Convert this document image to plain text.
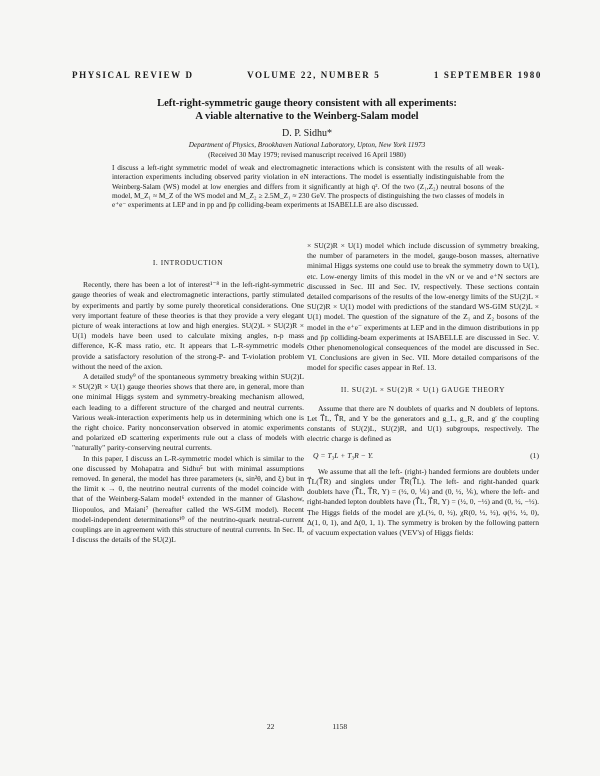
PHYSICAL REVIEW D	VOLUME 22, NUMBER 5	1 SEPTEMBER 1980
Left-right-symmetric gauge theory consistent with all experiments:
A viable alternative to the Weinberg-Salam model
D. P. Sidhu*
Department of Physics, Brookhaven National Laboratory, Upton, New York 11973
(Received 30 May 1979; revised manuscript received 16 April 1980)
I discuss a left-right symmetric model of weak and electromagnetic interactions which is consistent with the results of all weak-interaction experiments including observed parity violation in eN interactions. The model is essentially indistinguishable from the Weinberg-Salam (WS) model at low energies and differs from it significantly at high q². Of the two (Z₁,Z₂) neutral bosons of the model, M_Z₁ ≈ M_Z of the WS model and M_Z₂ ≥ 2.5M_Z₁ ≈ 230 GeV. The prospects of distinguishing the two classes of models in e⁺e⁻ experiments at LEP and in pp and p̄p colliding-beam experiments at ISABELLE are also discussed.
I. INTRODUCTION

Recently, there has been a lot of interest¹⁻⁸ in the left-right-symmetric gauge theories of weak and electromagnetic interactions, partly stimulated by experiments and partly by some purely theoretical considerations. One very important feature of these theories is that they provide a very elegant picture of weak interactions at low and high energies. SU(2)L × SU(2)R × U(1) models have been used to calculate mixing angles, n-p mass difference, K-K̄ mass ratio, etc. It appears that L-R-symmetric models provide a satisfactory resolution of the strong-P- and T-violation problem without the need of the axion.

A detailed study⁹ of the spontaneous symmetry breaking within SU(2)L × SU(2)R × U(1) gauge theories shows that there are, in general, more than one minimal Higgs system and symmetry-breaking mechanism allowed, each leading to a different structure of the charged and neutral currents. Various weak-interaction experiments help us in determining which one is the right choice. Parity nonconservation observed in atomic experiments and polarized eD scattering experiments rule out a class of models with "naturally" parity-conserving neutral currents.

In this paper, I discuss an L-R-symmetric model which is similar to the one discussed by Mohapatra and Sidhu⁵ but with minimal assumptions removed. In general, the model has three parameters (κ, sin²θ, and ξ) but in the limit κ → 0, the neutrino neutral currents of the model coincide with that of the Weinberg-Salam model⁶ extended in the manner of Glashow, Iliopoulos, and Maiani⁷ (hereafter called the WS-GIM model). Recent model-independent determinations¹⁰ of the neutrino-quark neutral-current couplings are in agreement with this structure of neutral currents. In Sec. II, I discuss the details of the SU(2)L

× SU(2)R × U(1) model which include discussion of symmetry breaking, the number of parameters in the model, gauge-boson masses, alternative minimal Higgs systems one could use to break the symmetry down to U(1), etc. Low-energy limits of this model in the νN or νe and e⁺N sectors are discussed in Sec. III and Sec. IV, respectively. These sections contain detailed comparisons of the results of the low-energy limits of the SU(2)L × SU(2)R × U(1) model with predictions of the standard WS-GIM SU(2)L × U(1) model. The question of the signature of the Z₁ and Z₂ bosons of the model in the e⁺e⁻ experiments at LEP and in the dimuon distributions in pp and p̄p colliding-beam experiments at ISABELLE are discussed in Sec. V. Other phenomenological consequences of the model are discussed in Sec. VI. Conclusions are given in Sec. VII. More detailed comparisons of the model for specific cases appear in Ref. 13.

II. SU(2)L × SU(2)R × U(1) GAUGE THEORY

Assume that there are N doublets of quarks and N doublets of leptons. Let T⃗L, T⃗R, and Y be the generators and g_L, g_R, and g′ the coupling constants of SU(2)L, SU(2)R, and U(1) subgroups, respectively. The electric charge is defined as

Q = T₃L + T₃R − Y.	(1)

We assume that all the left- (right-) handed fermions are doublets under T⃗L(T⃗R) and singlets under T⃗R(T⃗L). The left- and right-handed quark doublets have (T⃗L, T⃗R, Y) = (½, 0, ⅙) and (0, ½, ⅙), where the left- and right-handed lepton doublets have (T⃗L, T⃗R, Y) = (½, 0, −½) and (0, ½, −½). The Higgs fields of the model are χL(½, 0, ½), χR(0, ½, ½), φ(½, ½, 0), Δ(1, 0, 1), and Δ(0, 1, 1). The symmetry is broken by the following pattern of vacuum expectation values (VEV's) of Higgs fields:

22	1158
